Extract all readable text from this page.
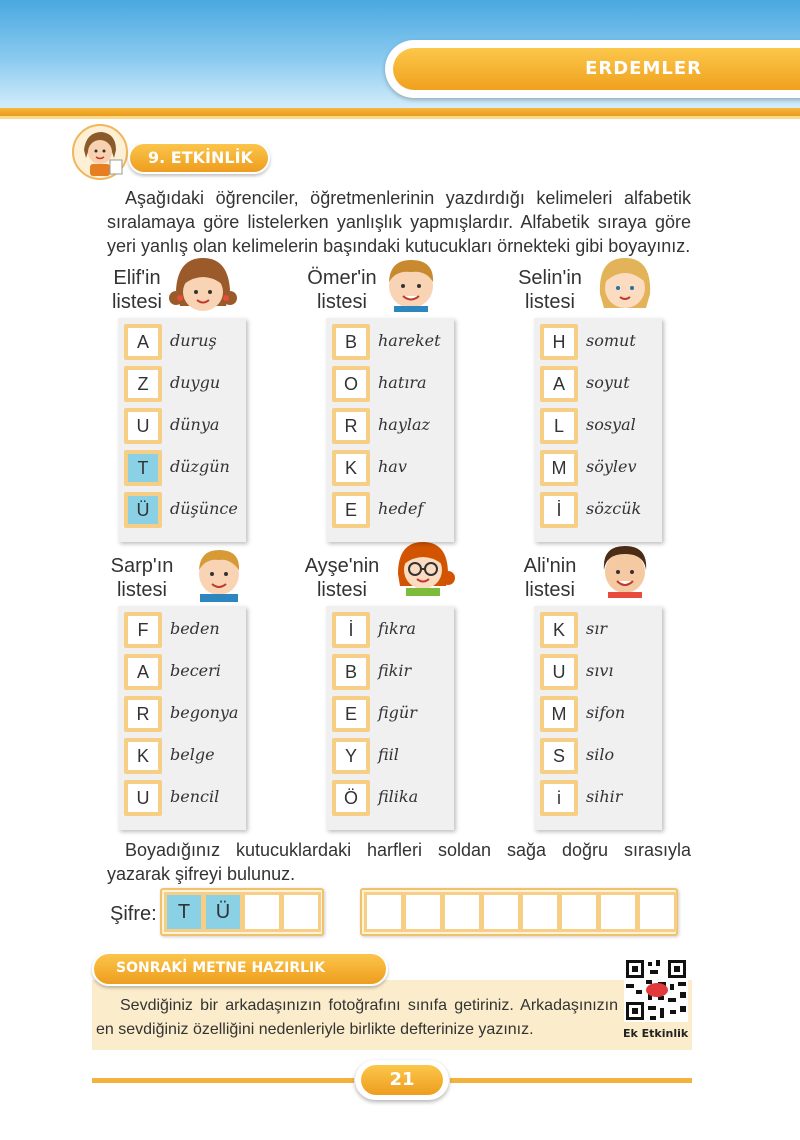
ERDEMLER
9. ETKİNLİK

Aşağıdaki öğrenciler, öğretmenlerinin yazdırdığı kelimeleri alfabetik sıralamaya göre listelerken yanlışlık yapmışlardır. Alfabetik sıraya göre yeri yanlış olan kelimelerin başındaki kutucukları örnekteki gibi boyayınız.

Elif'in
listesi
Ömer'in
listesi
Selin'in
listesi
Sarp'ın
listesi
Ayşe'nin
listesi
Ali'nin
listesi
A	duruş
Z	duygu
U	dünya
T	düzgün
Ü	düşünce
B	hareket
O	hatıra
R	haylaz
K	hav
E	hedef
H	somut
A	soyut
L	sosyal
M	söylev
İ	sözcük
F	beden
A	beceri
R	begonya
K	belge
U	bencil
İ	fıkra
B	fikir
E	figür
Y	fiil
Ö	filika
K	sır
U	sıvı
M	sifon
S	silo
i	sihir

Boyadığınız kutucuklardaki harfleri soldan sağa doğru sırasıyla yazarak şifreyi bulunuz.

Şifre:	T	Ü
SONRAKİ METNE HAZIRLIK

Sevdiğiniz bir arkadaşınızın fotoğrafını sınıfa getiriniz. Arkadaşınızın en sevdiğiniz özelliğini nedenleriyle birlikte defterinize yazınız.	Ek Etkinlik
21
